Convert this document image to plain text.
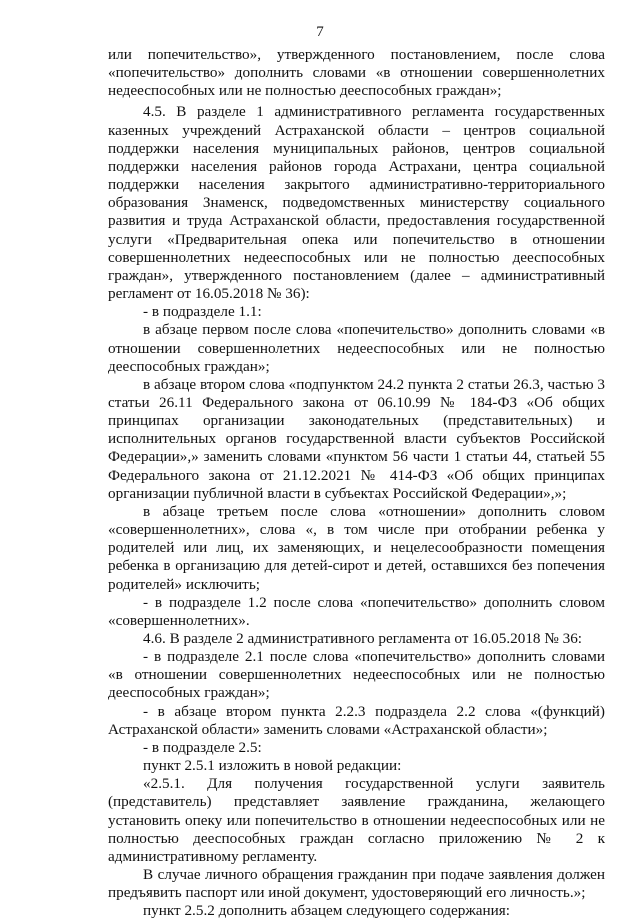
7

или попечительство», утвержденного постановлением, после слова «попечительство» дополнить словами «в отношении совершеннолетних недееспособных или не полностью дееспособных граждан»;

4.5. В разделе 1 административного регламента государственных казенных учреждений Астраханской области – центров социальной поддержки населения муниципальных районов, центров социальной поддержки населения районов города Астрахани, центра социальной поддержки населения закрытого административно-территориального образования Знаменск, подведомственных министерству социального развития и труда Астраханской области, предоставления государственной услуги «Предварительная опека или попечительство в отношении совершеннолетних недееспособных или не полностью дееспособных граждан», утвержденного постановлением (далее – административный регламент от 16.05.2018 № 36):

- в подразделе 1.1:

в абзаце первом после слова «попечительство» дополнить словами «в отношении совершеннолетних недееспособных или не полностью дееспособных граждан»;

в абзаце втором слова «подпунктом 24.2 пункта 2 статьи 26.3, частью 3 статьи 26.11 Федерального закона от 06.10.99 № 184-ФЗ «Об общих принципах организации законодательных (представительных) и исполнительных органов государственной власти субъектов Российской Федерации»,» заменить словами «пунктом 56 части 1 статьи 44, статьей 55 Федерального закона от 21.12.2021 № 414-ФЗ «Об общих принципах организации публичной власти в субъектах Российской Федерации»,»;

в абзаце третьем после слова «отношении» дополнить словом «совершеннолетних», слова «, в том числе при отобрании ребенка у родителей или лиц, их заменяющих, и нецелесообразности помещения ребенка в организацию для детей-сирот и детей, оставшихся без попечения родителей» исключить;

- в подразделе 1.2 после слова «попечительство» дополнить словом «совершеннолетних».

4.6. В разделе 2 административного регламента от 16.05.2018 № 36:

- в подразделе 2.1 после слова «попечительство» дополнить словами «в отношении совершеннолетних недееспособных или не полностью дееспособных граждан»;

- в абзаце втором пункта 2.2.3 подраздела 2.2 слова «(функций) Астраханской области» заменить словами «Астраханской области»;

- в подразделе 2.5:

пункт 2.5.1 изложить в новой редакции:

«2.5.1. Для получения государственной услуги заявитель (представитель) представляет заявление гражданина, желающего установить опеку или попечительство в отношении недееспособных или не полностью дееспособных граждан согласно приложению № 2 к административному регламенту.

В случае личного обращения гражданин при подаче заявления должен предъявить паспорт или иной документ, удостоверяющий его личность.»;

пункт 2.5.2 дополнить абзацем следующего содержания:
